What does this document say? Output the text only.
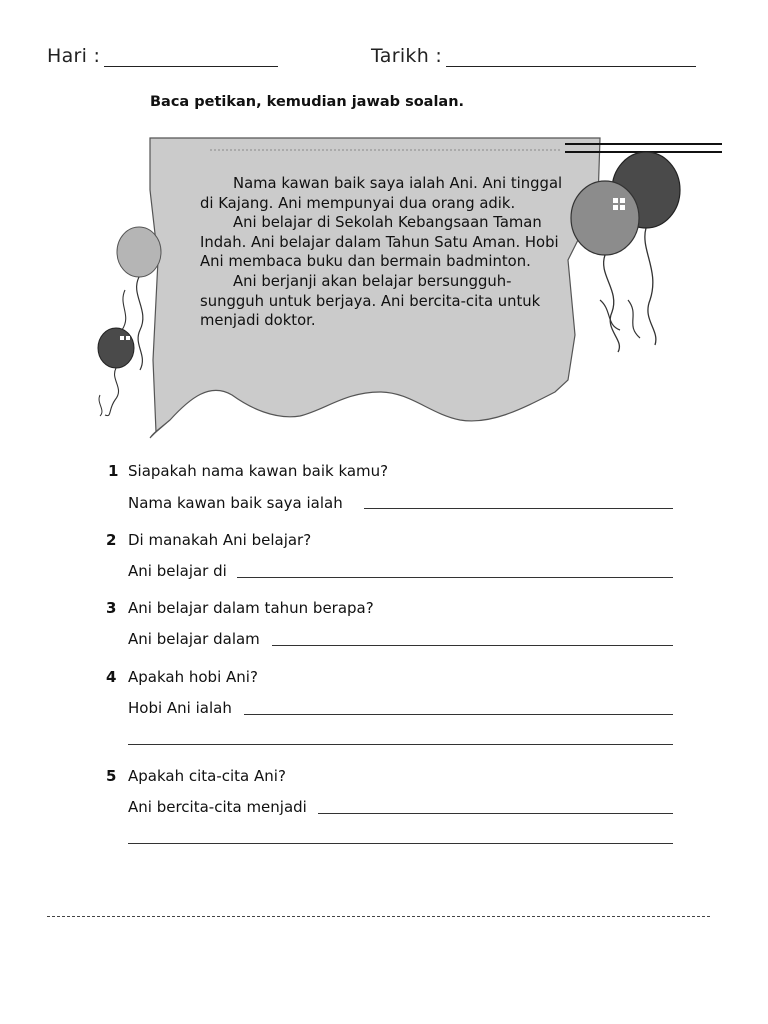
Hari :	Tarikh :
Baca petikan, kemudian jawab soalan.

Nama kawan baik saya ialah Ani. Ani tinggal di Kajang. Ani mempunyai dua orang adik.

Ani belajar di Sekolah Kebangsaan Taman Indah. Ani belajar dalam Tahun Satu Aman. Hobi Ani membaca buku dan bermain badminton.

Ani berjanji akan belajar bersungguh-sungguh untuk berjaya. Ani bercita-cita untuk menjadi doktor.

1 Siapakah nama kawan baik kamu?
Nama kawan baik saya ialah
2 Di manakah Ani belajar?
Ani belajar di
3 Ani belajar dalam tahun berapa?
Ani belajar dalam
4 Apakah hobi Ani?
Hobi Ani ialah
5 Apakah cita-cita Ani?
Ani bercita-cita menjadi
